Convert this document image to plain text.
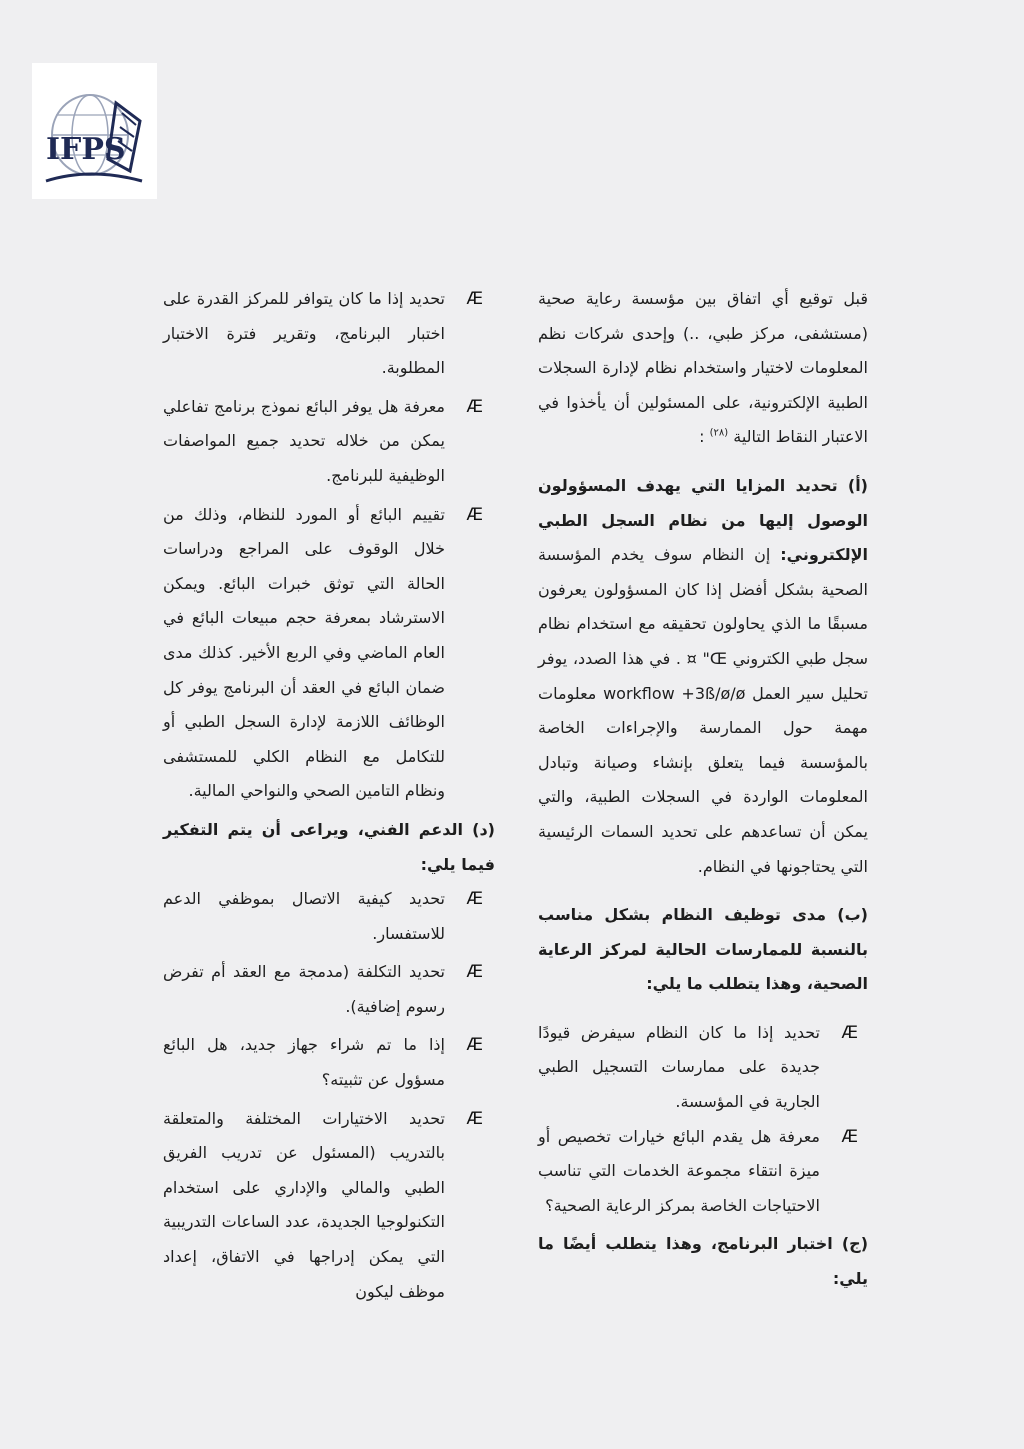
IFPS

قبل توقيع أي اتفاق بين مؤسسة رعاية صحية (مستشفى، مركز طبي، ..) وإحدى شركات نظم المعلومات لاختيار واستخدام نظام لإدارة السجلات الطبية الإلكترونية، على المسئولين أن يأخذوا في الاعتبار النقاط التالية $^{(٢٨)}$ :

(أ) تحديد المزايا التي يهدف المسؤولون الوصول إليها من نظام السجل الطبي الإلكتروني: إن النظام سوف يخدم المؤسسة الصحية بشكل أفضل إذا كان المسؤولون يعرفون مسبقًا ما الذي يحاولون تحقيقه مع استخدام نظام سجل طبي الكتروني Œ" ¤ . في هذا الصدد، يوفر تحليل سير العمل workflow +3ß/ø/ø معلومات مهمة حول الممارسة والإجراءات الخاصة بالمؤسسة فيما يتعلق بإنشاء وصيانة وتبادل المعلومات الواردة في السجلات الطبية، والتي يمكن أن تساعدهم على تحديد السمات الرئيسية التي يحتاجونها في النظام.

(ب) مدى توظيف النظام بشكل مناسب بالنسبة للممارسات الحالية لمركز الرعاية الصحية، وهذا يتطلب ما يلي:

Æ
تحديد إذا ما كان النظام سيفرض قيودًا جديدة على ممارسات التسجيل الطبي الجارية في المؤسسة.

Æ
معرفة هل يقدم البائع خيارات تخصيص أو ميزة انتقاء مجموعة الخدمات التي تناسب الاحتياجات الخاصة بمركز الرعاية الصحية؟

(ج) اختبار البرنامج، وهذا يتطلب أيضًا ما يلي:

Æ
تحديد إذا ما كان يتوافر للمركز القدرة على اختبار البرنامج، وتقرير فترة الاختبار المطلوبة.

Æ
معرفة هل يوفر البائع نموذج برنامج تفاعلي يمكن من خلاله تحديد جميع المواصفات الوظيفية للبرنامج.

Æ
تقييم البائع أو المورد للنظام، وذلك من خلال الوقوف على المراجع ودراسات الحالة التي توثق خبرات البائع. ويمكن الاسترشاد بمعرفة حجم مبيعات البائع في العام الماضي وفي الربع الأخير. كذلك مدى ضمان البائع في العقد أن البرنامج يوفر كل الوظائف اللازمة لإدارة السجل الطبي أو للتكامل مع النظام الكلي للمستشفى ونظام التامين الصحي والنواحي المالية.

(د) الدعم الفني، ويراعى أن يتم التفكير فيما يلي:

Æ
تحديد كيفية الاتصال بموظفي الدعم للاستفسار.

Æ
تحديد التكلفة (مدمجة مع العقد أم تفرض رسوم إضافية).

Æ
إذا ما تم شراء جهاز جديد، هل البائع مسؤول عن تثبيته؟

Æ
تحديد الاختيارات المختلفة والمتعلقة بالتدريب (المسئول عن تدريب الفريق الطبي والمالي والإداري على استخدام التكنولوجيا الجديدة، عدد الساعات التدريبية التي يمكن إدراجها في الاتفاق، إعداد موظف ليكون
